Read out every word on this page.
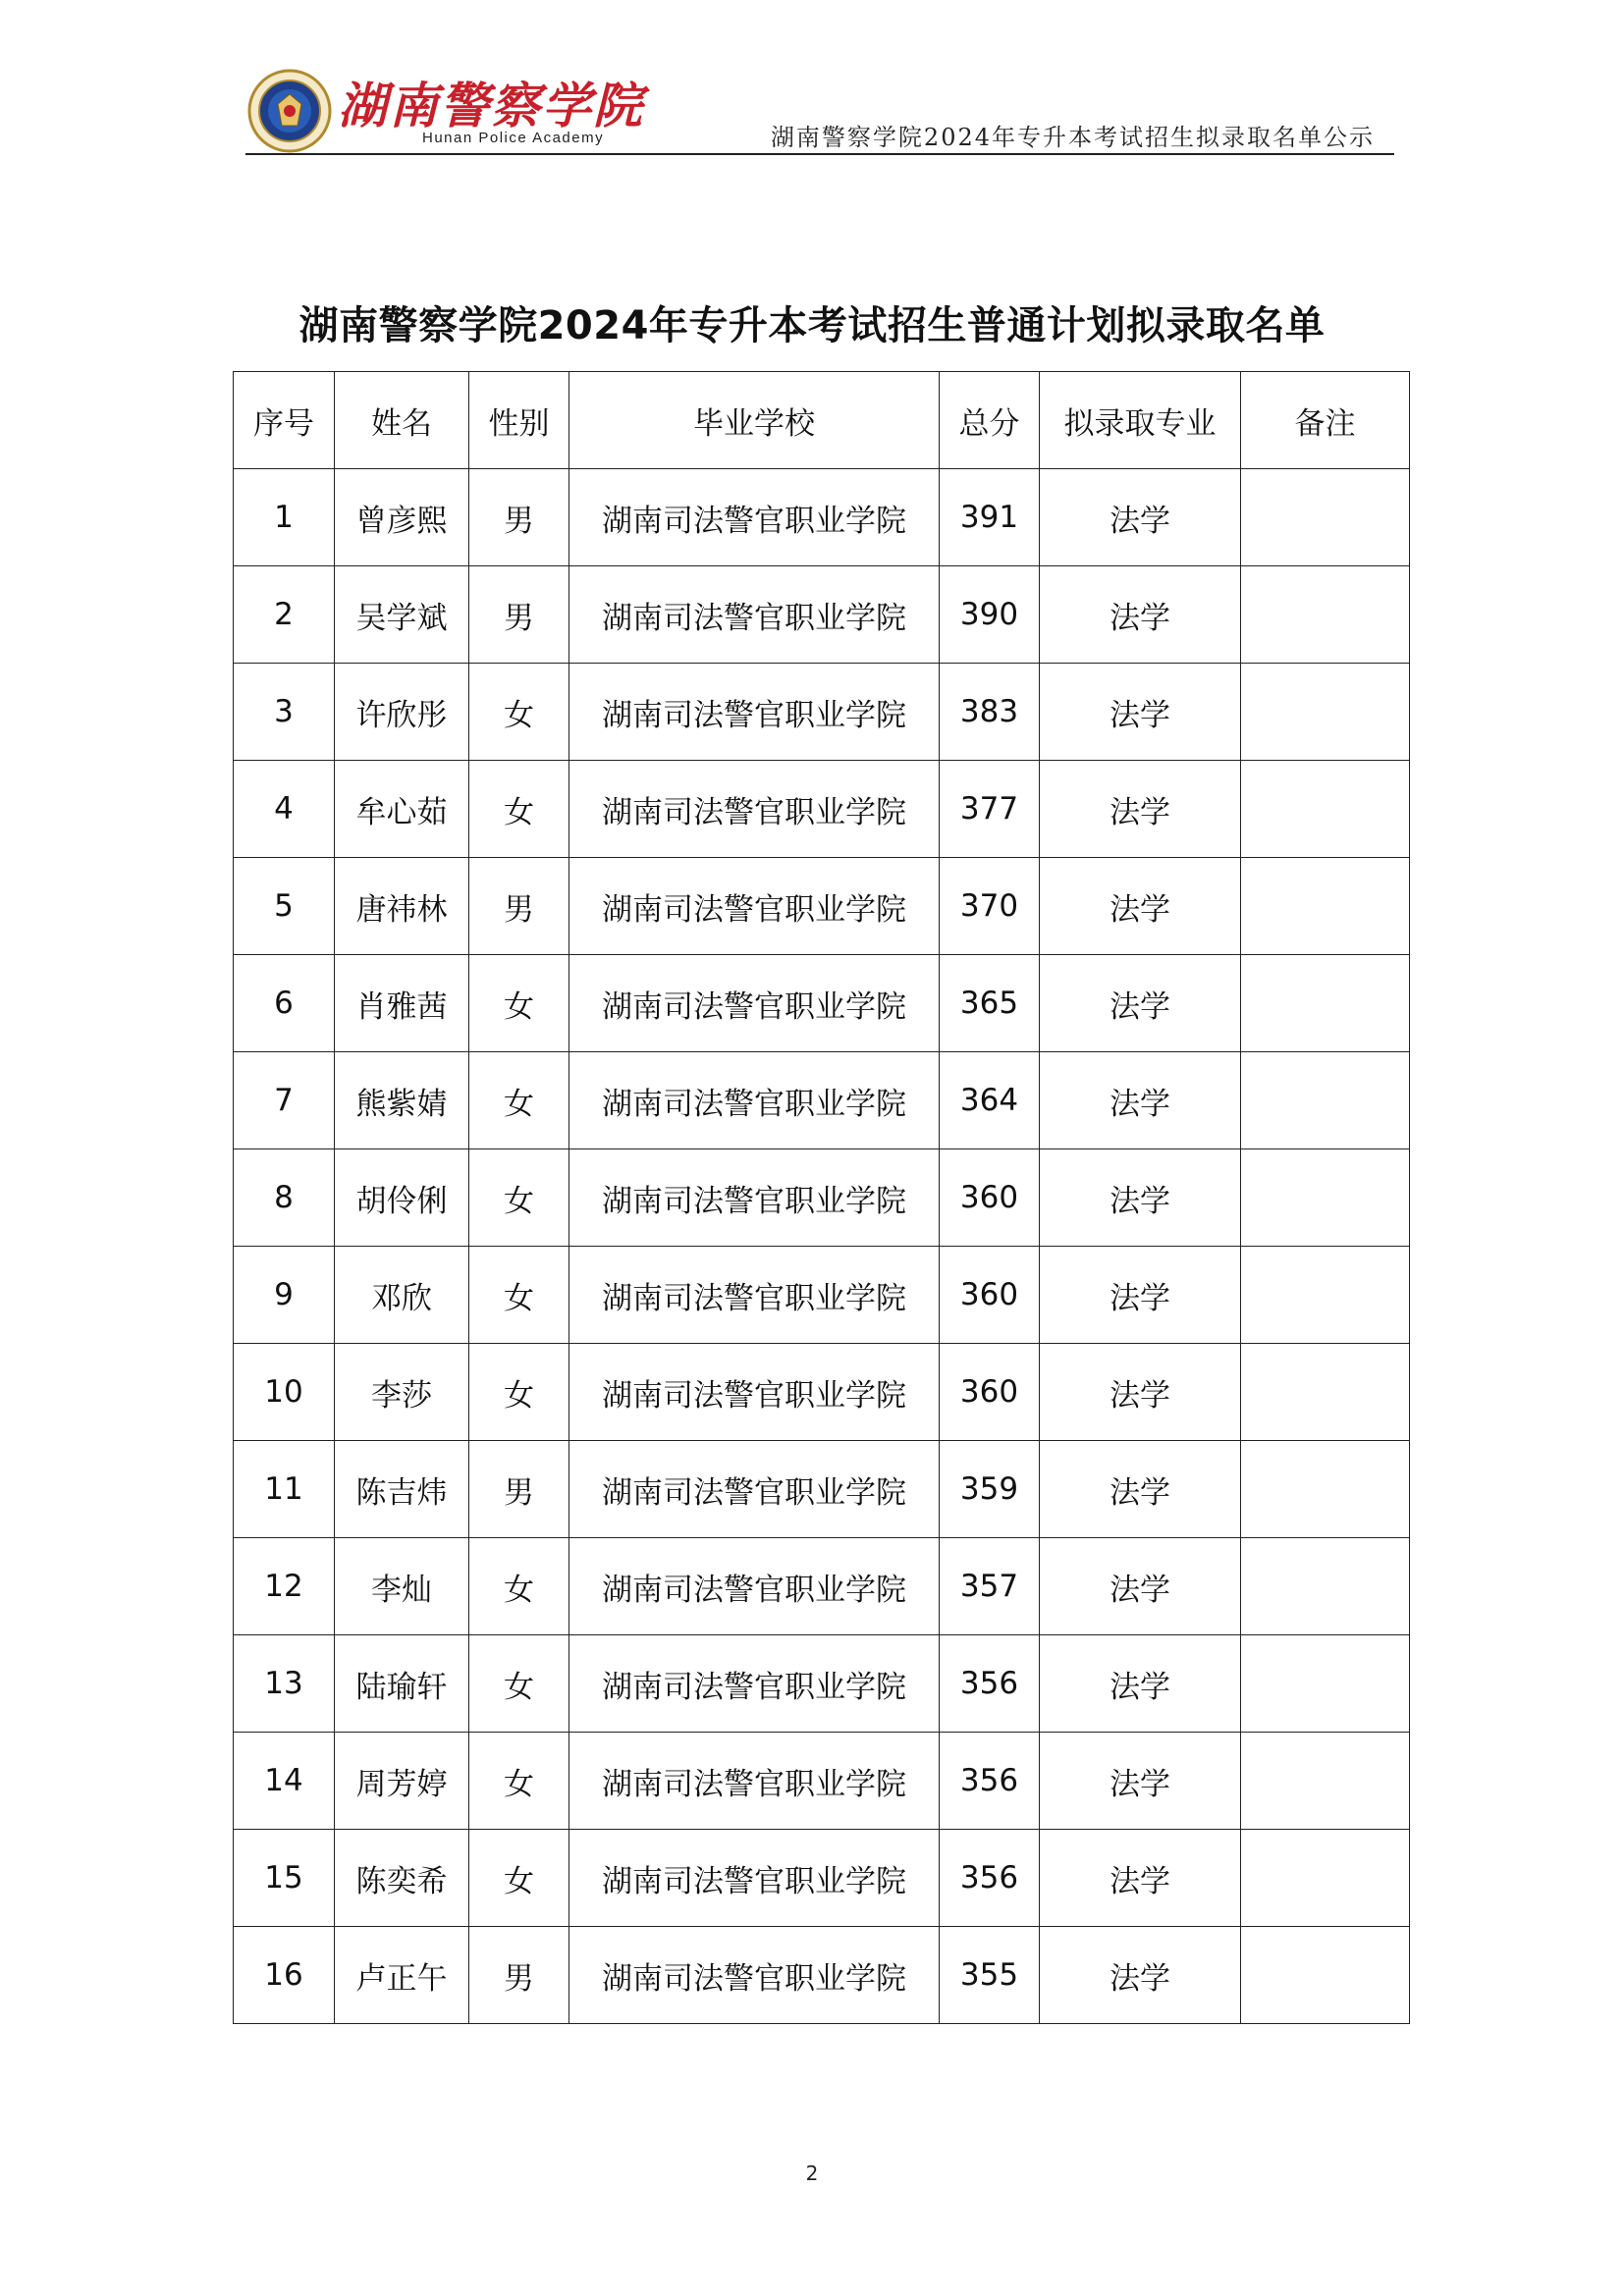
湖南警察学院
Hunan Police Academy	湖南警察学院2024年专升本考试招生拟录取名单公示
湖南警察学院2024年专升本考试招生普通计划拟录取名单
序号	姓名	性别	毕业学校	总分	拟录取专业	备注
1	曾彦熙	男	湖南司法警官职业学院	391	法学	
2	吴学斌	男	湖南司法警官职业学院	390	法学	
3	许欣彤	女	湖南司法警官职业学院	383	法学	
4	牟心茹	女	湖南司法警官职业学院	377	法学	
5	唐祎林	男	湖南司法警官职业学院	370	法学	
6	肖雅茜	女	湖南司法警官职业学院	365	法学	
7	熊紫婧	女	湖南司法警官职业学院	364	法学	
8	胡伶俐	女	湖南司法警官职业学院	360	法学	
9	邓欣	女	湖南司法警官职业学院	360	法学	
10	李莎	女	湖南司法警官职业学院	360	法学	
11	陈吉炜	男	湖南司法警官职业学院	359	法学	
12	李灿	女	湖南司法警官职业学院	357	法学	
13	陆瑜轩	女	湖南司法警官职业学院	356	法学	
14	周芳婷	女	湖南司法警官职业学院	356	法学	
15	陈奕希	女	湖南司法警官职业学院	356	法学	
16	卢正午	男	湖南司法警官职业学院	355	法学	
2
